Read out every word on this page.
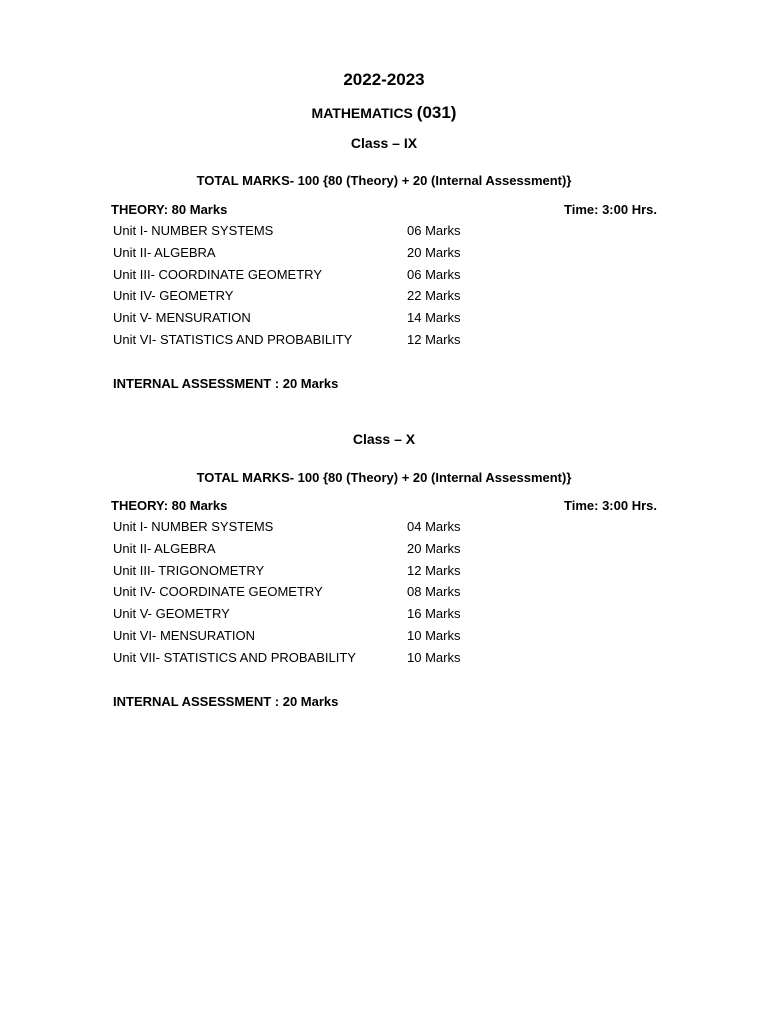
2022-2023
MATHEMATICS (031)
Class – IX
TOTAL MARKS- 100 {80 (Theory) + 20 (Internal Assessment)}
THEORY: 80 Marks	Time: 3:00 Hrs.
Unit I- NUMBER SYSTEMS	06 Marks
Unit II- ALGEBRA	20 Marks
Unit III- COORDINATE GEOMETRY	06 Marks
Unit IV- GEOMETRY	22 Marks
Unit V- MENSURATION	14 Marks
Unit VI- STATISTICS AND PROBABILITY	12 Marks
INTERNAL ASSESSMENT : 20 Marks
Class – X
TOTAL MARKS- 100 {80 (Theory) + 20 (Internal Assessment)}
THEORY: 80 Marks	Time: 3:00 Hrs.
Unit I- NUMBER SYSTEMS	04 Marks
Unit II- ALGEBRA	20 Marks
Unit III- TRIGONOMETRY	12 Marks
Unit IV- COORDINATE GEOMETRY	08 Marks
Unit V- GEOMETRY	16 Marks
Unit VI- MENSURATION	10 Marks
Unit VII- STATISTICS AND PROBABILITY	10 Marks
INTERNAL ASSESSMENT : 20 Marks
